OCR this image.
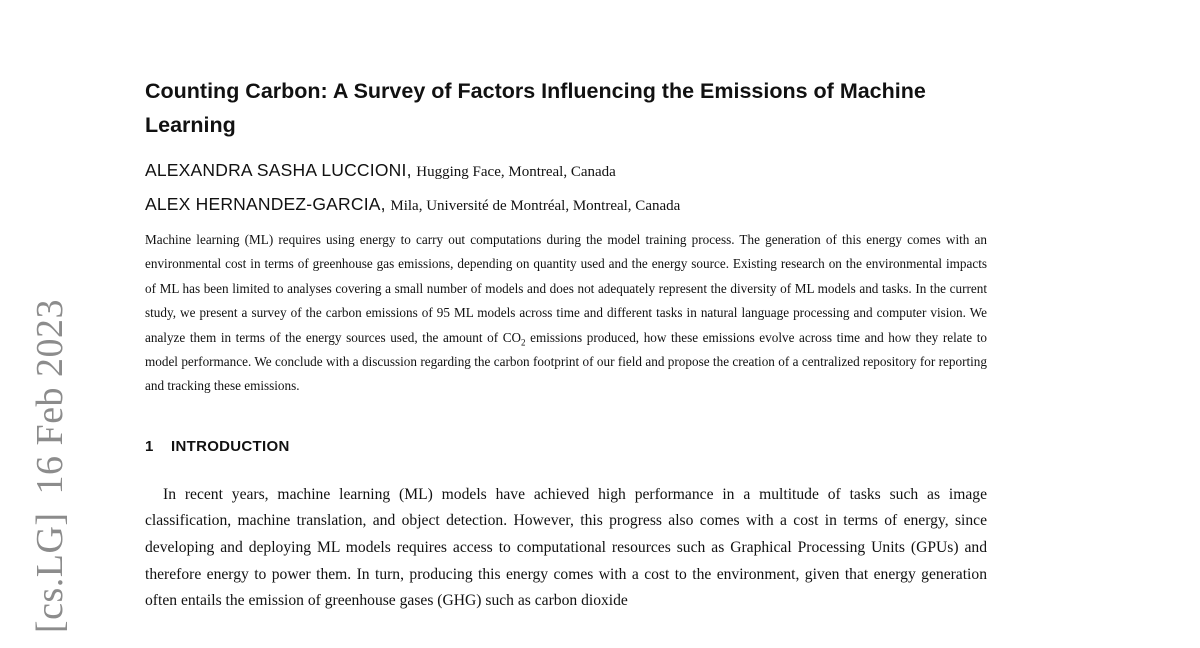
[cs.LG]16 Feb 2023
Counting Carbon: A Survey of Factors Influencing the Emissions of Machine Learning
ALEXANDRA SASHA LUCCIONI, Hugging Face, Montreal, Canada
ALEX HERNANDEZ-GARCIA, Mila, Université de Montréal, Montreal, Canada

Machine learning (ML) requires using energy to carry out computations during the model training process. The generation of this energy comes with an environmental cost in terms of greenhouse gas emissions, depending on quantity used and the energy source. Existing research on the environmental impacts of ML has been limited to analyses covering a small number of models and does not adequately represent the diversity of ML models and tasks. In the current study, we present a survey of the carbon emissions of 95 ML models across time and different tasks in natural language processing and computer vision. We analyze them in terms of the energy sources used, the amount of $CO_2$ emissions produced, how these emissions evolve across time and how they relate to model performance. We conclude with a discussion regarding the carbon footprint of our field and propose the creation of a centralized repository for reporting and tracking these emissions.

1 INTRODUCTION

In recent years, machine learning (ML) models have achieved high performance in a multitude of tasks such as image classification, machine translation, and object detection. However, this progress also comes with a cost in terms of energy, since developing and deploying ML models requires access to computational resources such as Graphical Processing Units (GPUs) and therefore energy to power them. In turn, producing this energy comes with a cost to the environment, given that energy generation often entails the emission of greenhouse gases (GHG) such as carbon dioxide
